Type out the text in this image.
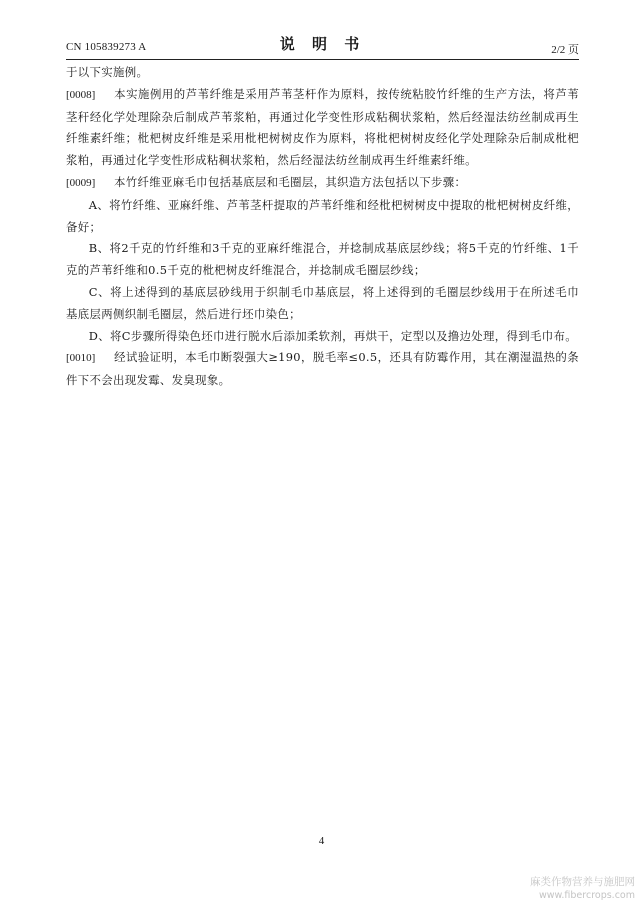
CN 105839273 A	说 明 书	2/2 页

于以下实施例。

[0008] 本实施例用的芦苇纤维是采用芦苇茎杆作为原料，按传统粘胶竹纤维的生产方法，将芦苇茎秆经化学处理除杂后制成芦苇浆粕，再通过化学变性形成粘稠状浆粕，然后经湿法纺丝制成再生纤维素纤维；枇杷树皮纤维是采用枇杷树树皮作为原料，将枇杷树树皮经化学处理除杂后制成枇杷浆粕，再通过化学变性形成粘稠状浆粕，然后经湿法纺丝制成再生纤维素纤维。

[0009] 本竹纤维亚麻毛巾包括基底层和毛圈层，其织造方法包括以下步骤：

A、将竹纤维、亚麻纤维、芦苇茎杆提取的芦苇纤维和经枇杷树树皮中提取的枇杷树树皮纤维，备好；

B、将2千克的竹纤维和3千克的亚麻纤维混合，并捻制成基底层纱线；将5千克的竹纤维、1千克的芦苇纤维和0.5千克的枇杷树皮纤维混合，并捻制成毛圈层纱线；

C、将上述得到的基底层砂线用于织制毛巾基底层，将上述得到的毛圈层纱线用于在所述毛巾基底层两侧织制毛圈层，然后进行坯巾染色；

D、将C步骤所得染色坯巾进行脱水后添加柔软剂，再烘干，定型以及撸边处理，得到毛巾布。

[0010] 经试验证明，本毛巾断裂强大≥190，脱毛率≤0.5，还具有防霉作用，其在潮湿温热的条件下不会出现发霉、发臭现象。

4
麻类作物营养与施肥网
www.fibercrops.com
